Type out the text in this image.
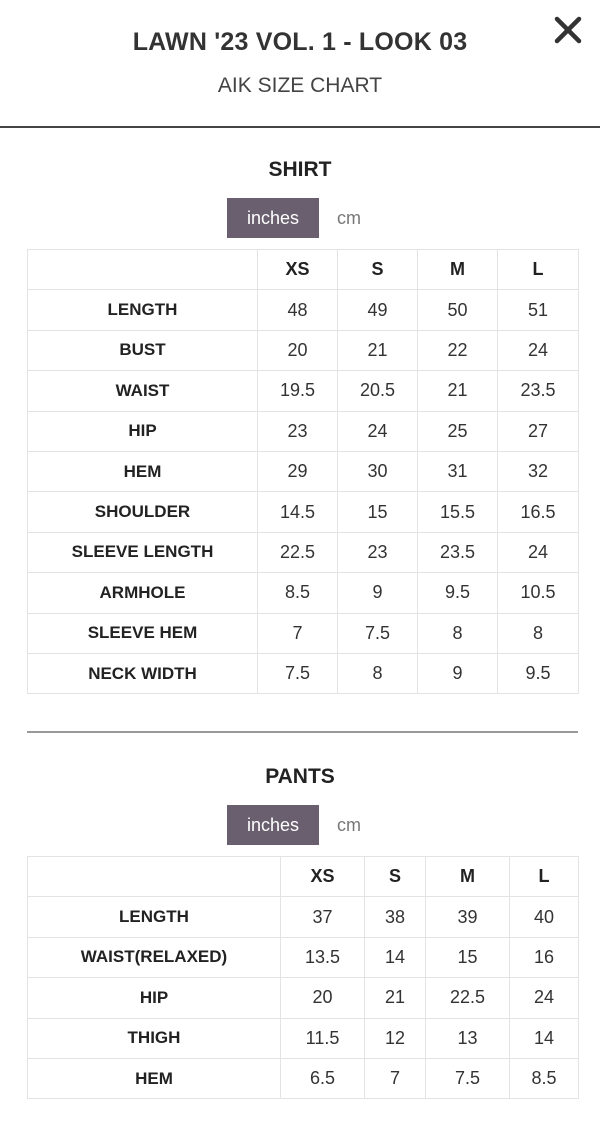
LAWN '23 VOL. 1 - LOOK 03
AIK SIZE CHART
SHIRT
inches	cm
	XS	S	M	L
LENGTH	48	49	50	51
BUST	20	21	22	24
WAIST	19.5	20.5	21	23.5
HIP	23	24	25	27
HEM	29	30	31	32
SHOULDER	14.5	15	15.5	16.5
SLEEVE LENGTH	22.5	23	23.5	24
ARMHOLE	8.5	9	9.5	10.5
SLEEVE HEM	7	7.5	8	8
NECK WIDTH	7.5	8	9	9.5
PANTS
inches	cm
	XS	S	M	L
LENGTH	37	38	39	40
WAIST(RELAXED)	13.5	14	15	16
HIP	20	21	22.5	24
THIGH	11.5	12	13	14
HEM	6.5	7	7.5	8.5
